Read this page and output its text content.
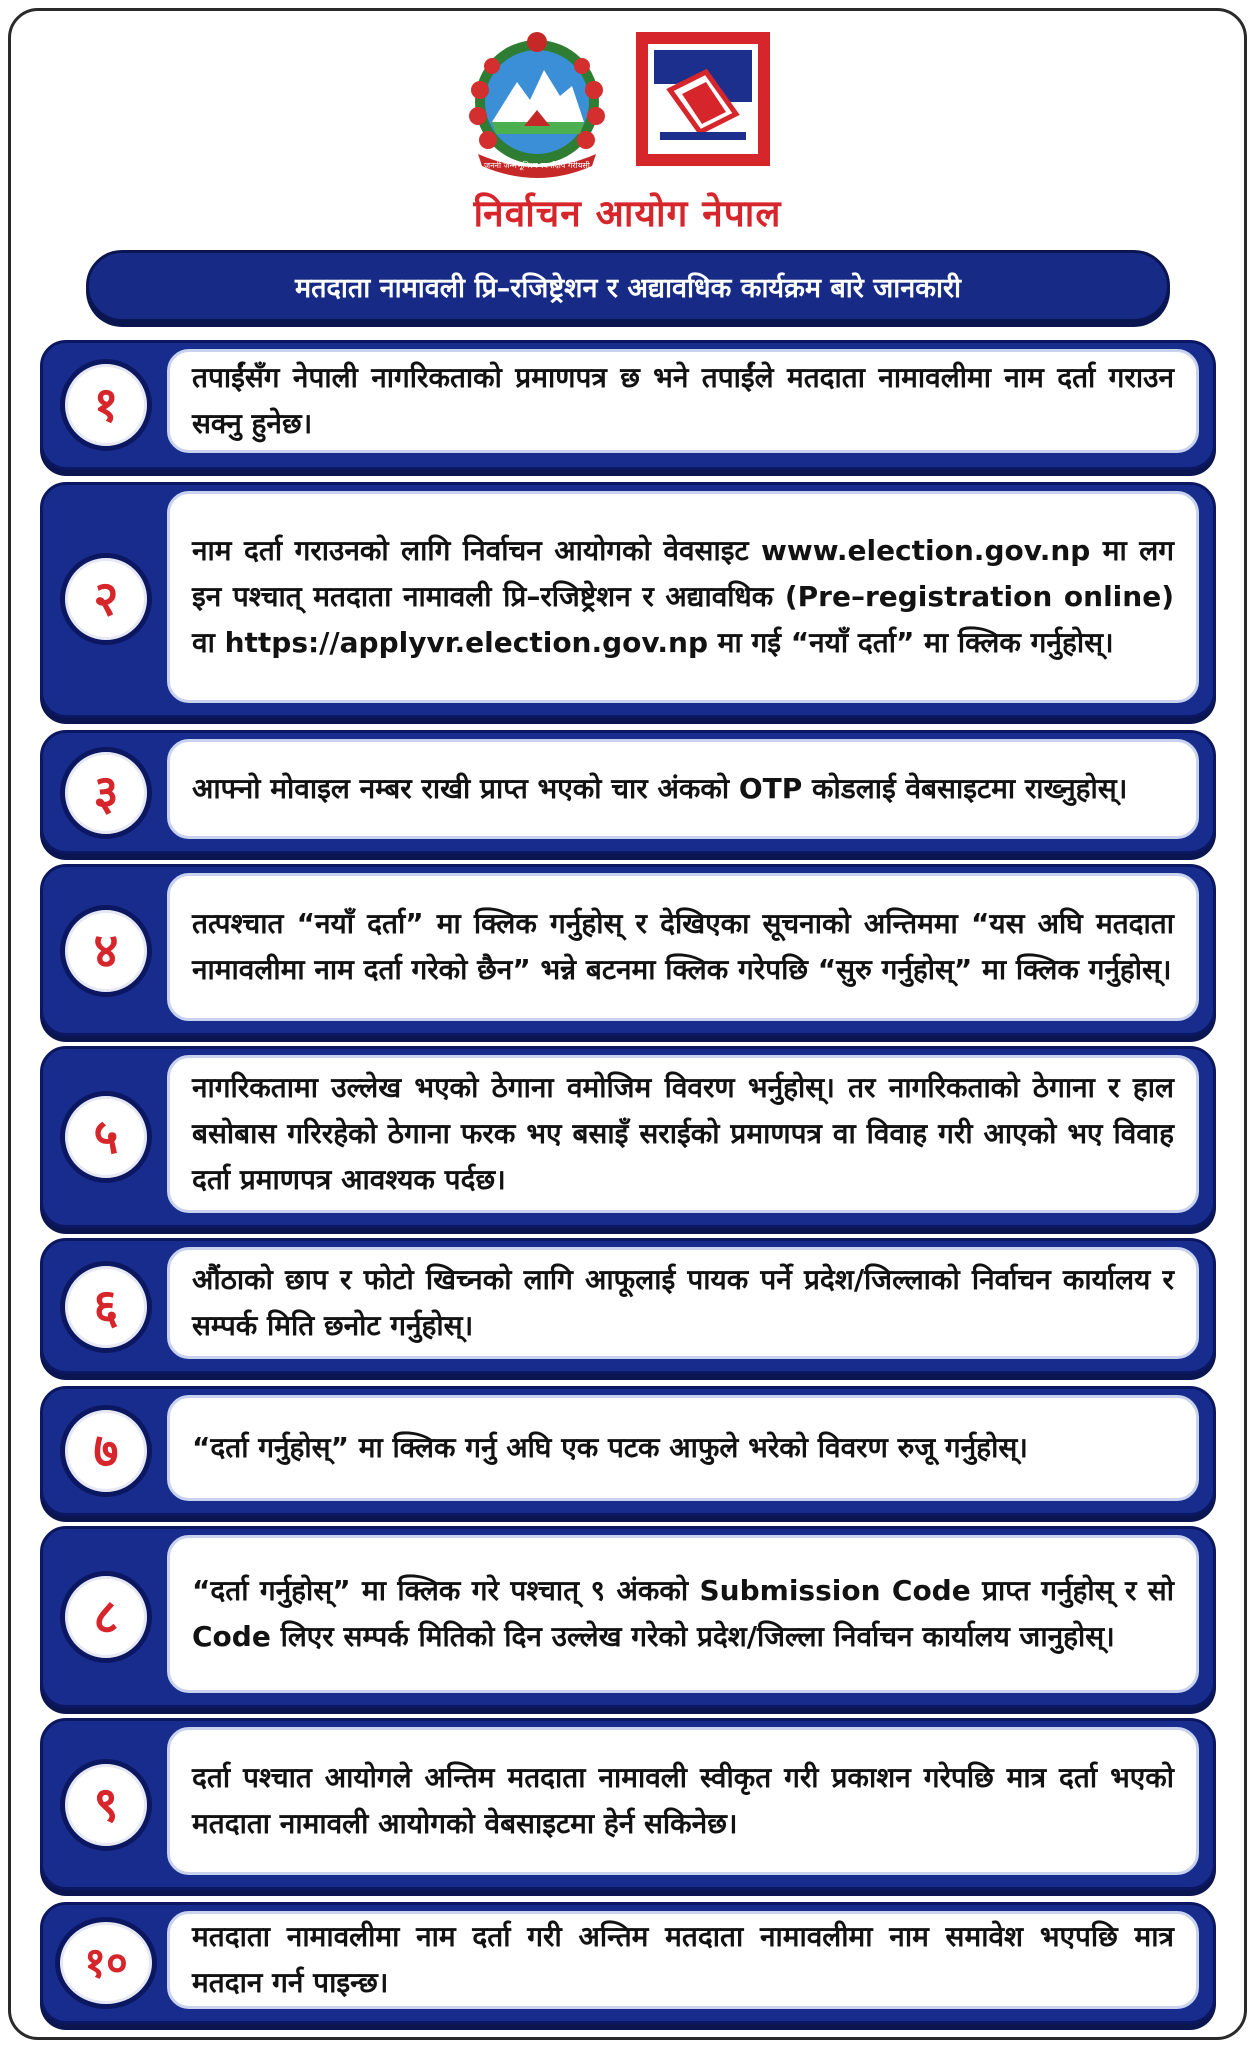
जननी जन्मभूमिश्च स्वर्गादपि गरीयसी
निर्वाचन आयोग नेपाल
मतदाता नामावली प्रि–रजिष्ट्रेशन र अद्यावधिक कार्यक्रम बारे जानकारी
१	तपाईंसँग नेपाली नागरिकताको प्रमाणपत्र छ भने तपाईंले मतदाता नामावलीमा नाम दर्ता गराउन सक्नु हुनेछ।
२
नाम दर्ता गराउनको लागि निर्वाचन आयोगको वेवसाइट www.election.gov.np मा लग इन पश्चात् मतदाता नामावली प्रि–रजिष्ट्रेशन र अद्यावधिक (Pre–registration online) वा https://applyvr.election.gov.np मा गई “नयाँ दर्ता” मा क्लिक गर्नुहोस्।
३	आफ्नो मोवाइल नम्बर राखी प्राप्त भएको चार अंकको OTP कोडलाई वेबसाइटमा राख्नुहोस्।
४	तत्पश्चात “नयाँ दर्ता” मा क्लिक गर्नुहोस् र देखिएका सूचनाको अन्तिममा “यस अघि मतदाता नामावलीमा नाम दर्ता गरेको छैन” भन्ने बटनमा क्लिक गरेपछि “सुरु गर्नुहोस्” मा क्लिक गर्नुहोस्।
५
नागरिकतामा उल्लेख भएको ठेगाना वमोजिम विवरण भर्नुहोस्। तर नागरिकताको ठेगाना र हाल बसोबास गरिरहेको ठेगाना फरक भए बसाइँ सराईको प्रमाणपत्र वा विवाह गरी आएको भए विवाह दर्ता प्रमाणपत्र आवश्यक पर्दछ।
६	औंठाको छाप र फोटो खिच्नको लागि आफूलाई पायक पर्ने प्रदेश/जिल्लाको निर्वाचन कार्यालय र सम्पर्क मिति छनोट गर्नुहोस्।
७	“दर्ता गर्नुहोस्” मा क्लिक गर्नु अघि एक पटक आफुले भरेको विवरण रुजू गर्नुहोस्।
८	“दर्ता गर्नुहोस्” मा क्लिक गरे पश्चात् ९ अंकको Submission Code प्राप्त गर्नुहोस् र सो Code लिएर सम्पर्क मितिको दिन उल्लेख गरेको प्रदेश/जिल्ला निर्वाचन कार्यालय जानुहोस्।
९	दर्ता पश्चात आयोगले अन्तिम मतदाता नामावली स्वीकृत गरी प्रकाशन गरेपछि मात्र दर्ता भएको मतदाता नामावली आयोगको वेबसाइटमा हेर्न सकिनेछ।
१०
मतदाता नामावलीमा नाम दर्ता गरी अन्तिम मतदाता नामावलीमा नाम समावेश भएपछि मात्र मतदान गर्न पाइन्छ।
